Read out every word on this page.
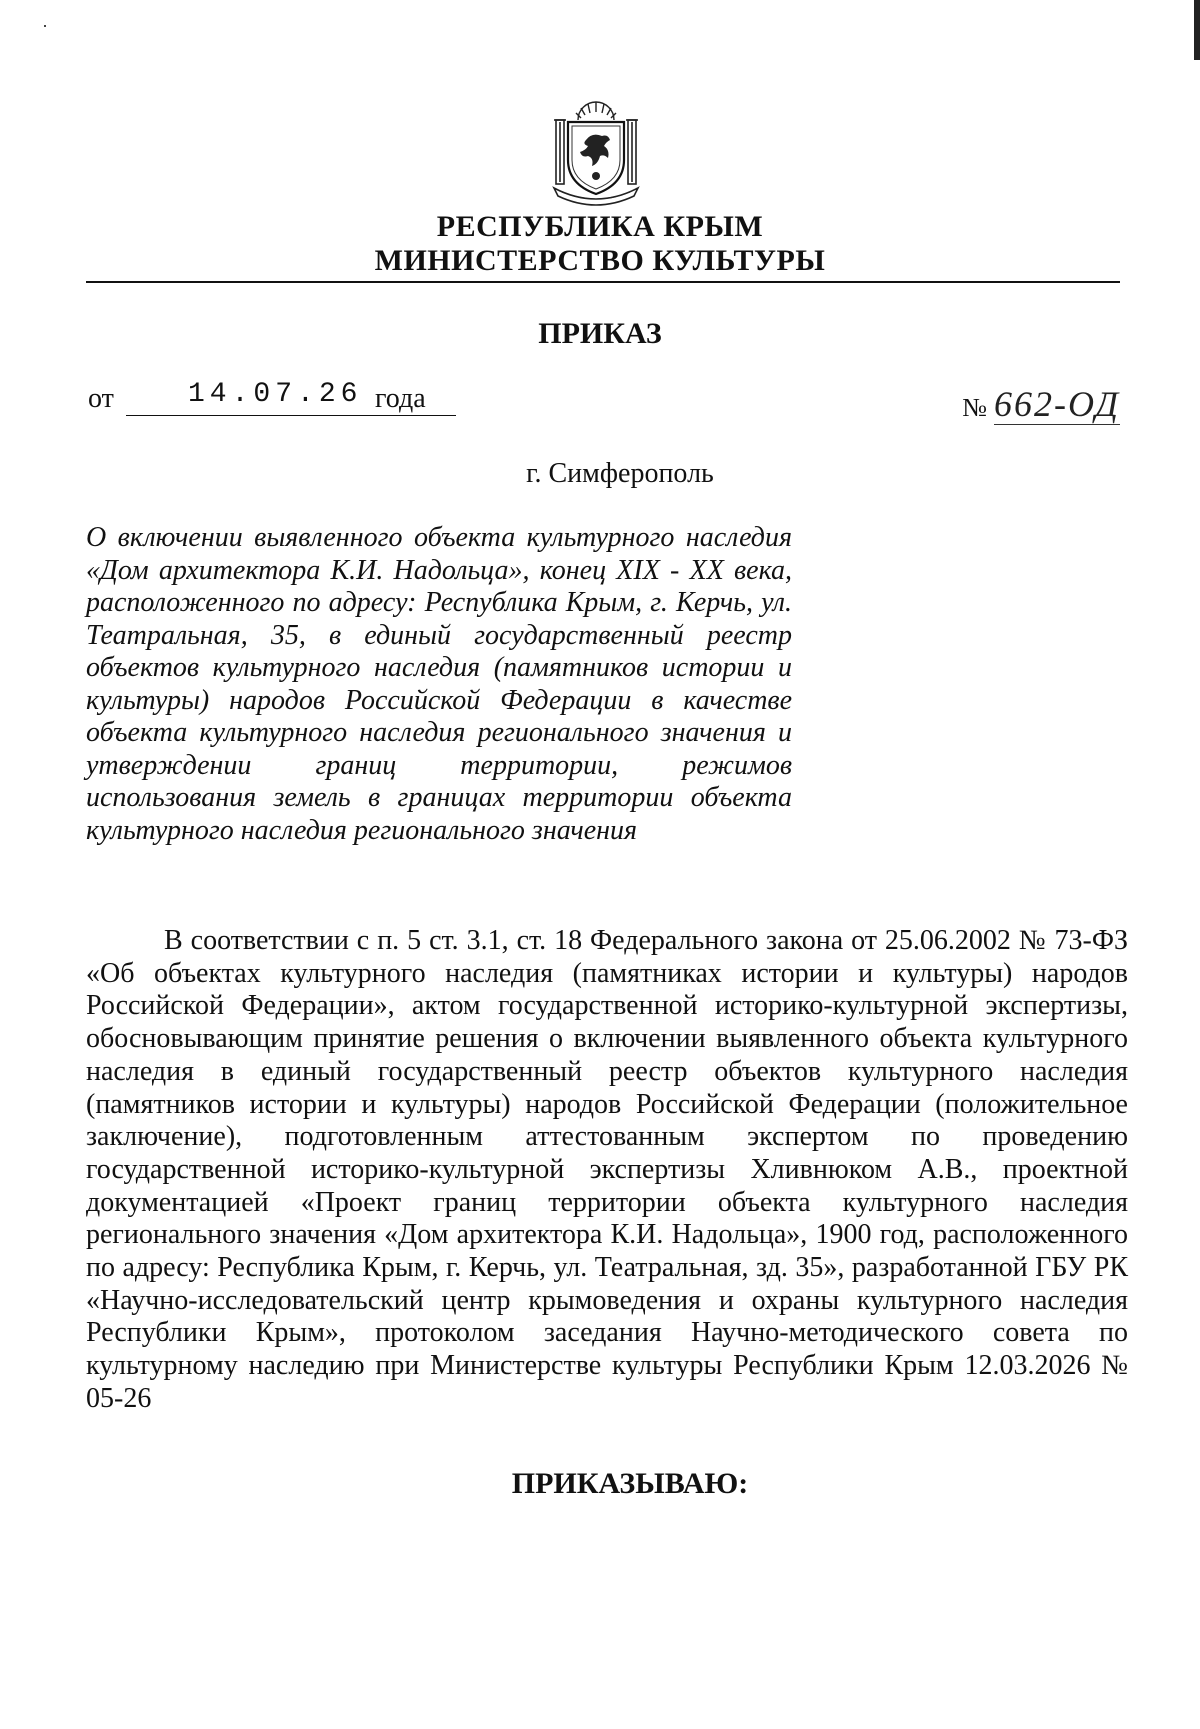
РЕСПУБЛИКА КРЫМ
МИНИСТЕРСТВО КУЛЬТУРЫ
ПРИКАЗ
от	14.07.26 года	№ 662-ОД
г. Симферополь
О включении выявленного объекта культурного наследия «Дом архитектора К.И. Надольца», конец XIX - XX века, расположенного по адресу: Республика Крым, г. Керчь, ул. Театральная, 35, в единый государственный реестр объектов культурного наследия (памятников истории и культуры) народов Российской Федерации в качестве объекта культурного наследия регионального значения и утверждении границ территории, режимов использования земель в границах территории объекта культурного наследия регионального значения
В соответствии с п. 5 ст. 3.1, ст. 18 Федерального закона от 25.06.2002 № 73-ФЗ «Об объектах культурного наследия (памятниках истории и культуры) народов Российской Федерации», актом государственной историко-культурной экспертизы, обосновывающим принятие решения о включении выявленного объекта культурного наследия в единый государственный реестр объектов культурного наследия (памятников истории и культуры) народов Российской Федерации (положительное заключение), подготовленным аттестованным экспертом по проведению государственной историко-культурной экспертизы Хливнюком А.В., проектной документацией «Проект границ территории объекта культурного наследия регионального значения «Дом архитектора К.И. Надольца», 1900 год, расположенного по адресу: Республика Крым, г. Керчь, ул. Театральная, зд. 35», разработанной ГБУ РК «Научно-исследовательский центр крымоведения и охраны культурного наследия Республики Крым», протоколом заседания Научно-методического совета по культурному наследию при Министерстве культуры Республики Крым 12.03.2026 № 05-26
ПРИКАЗЫВАЮ:
